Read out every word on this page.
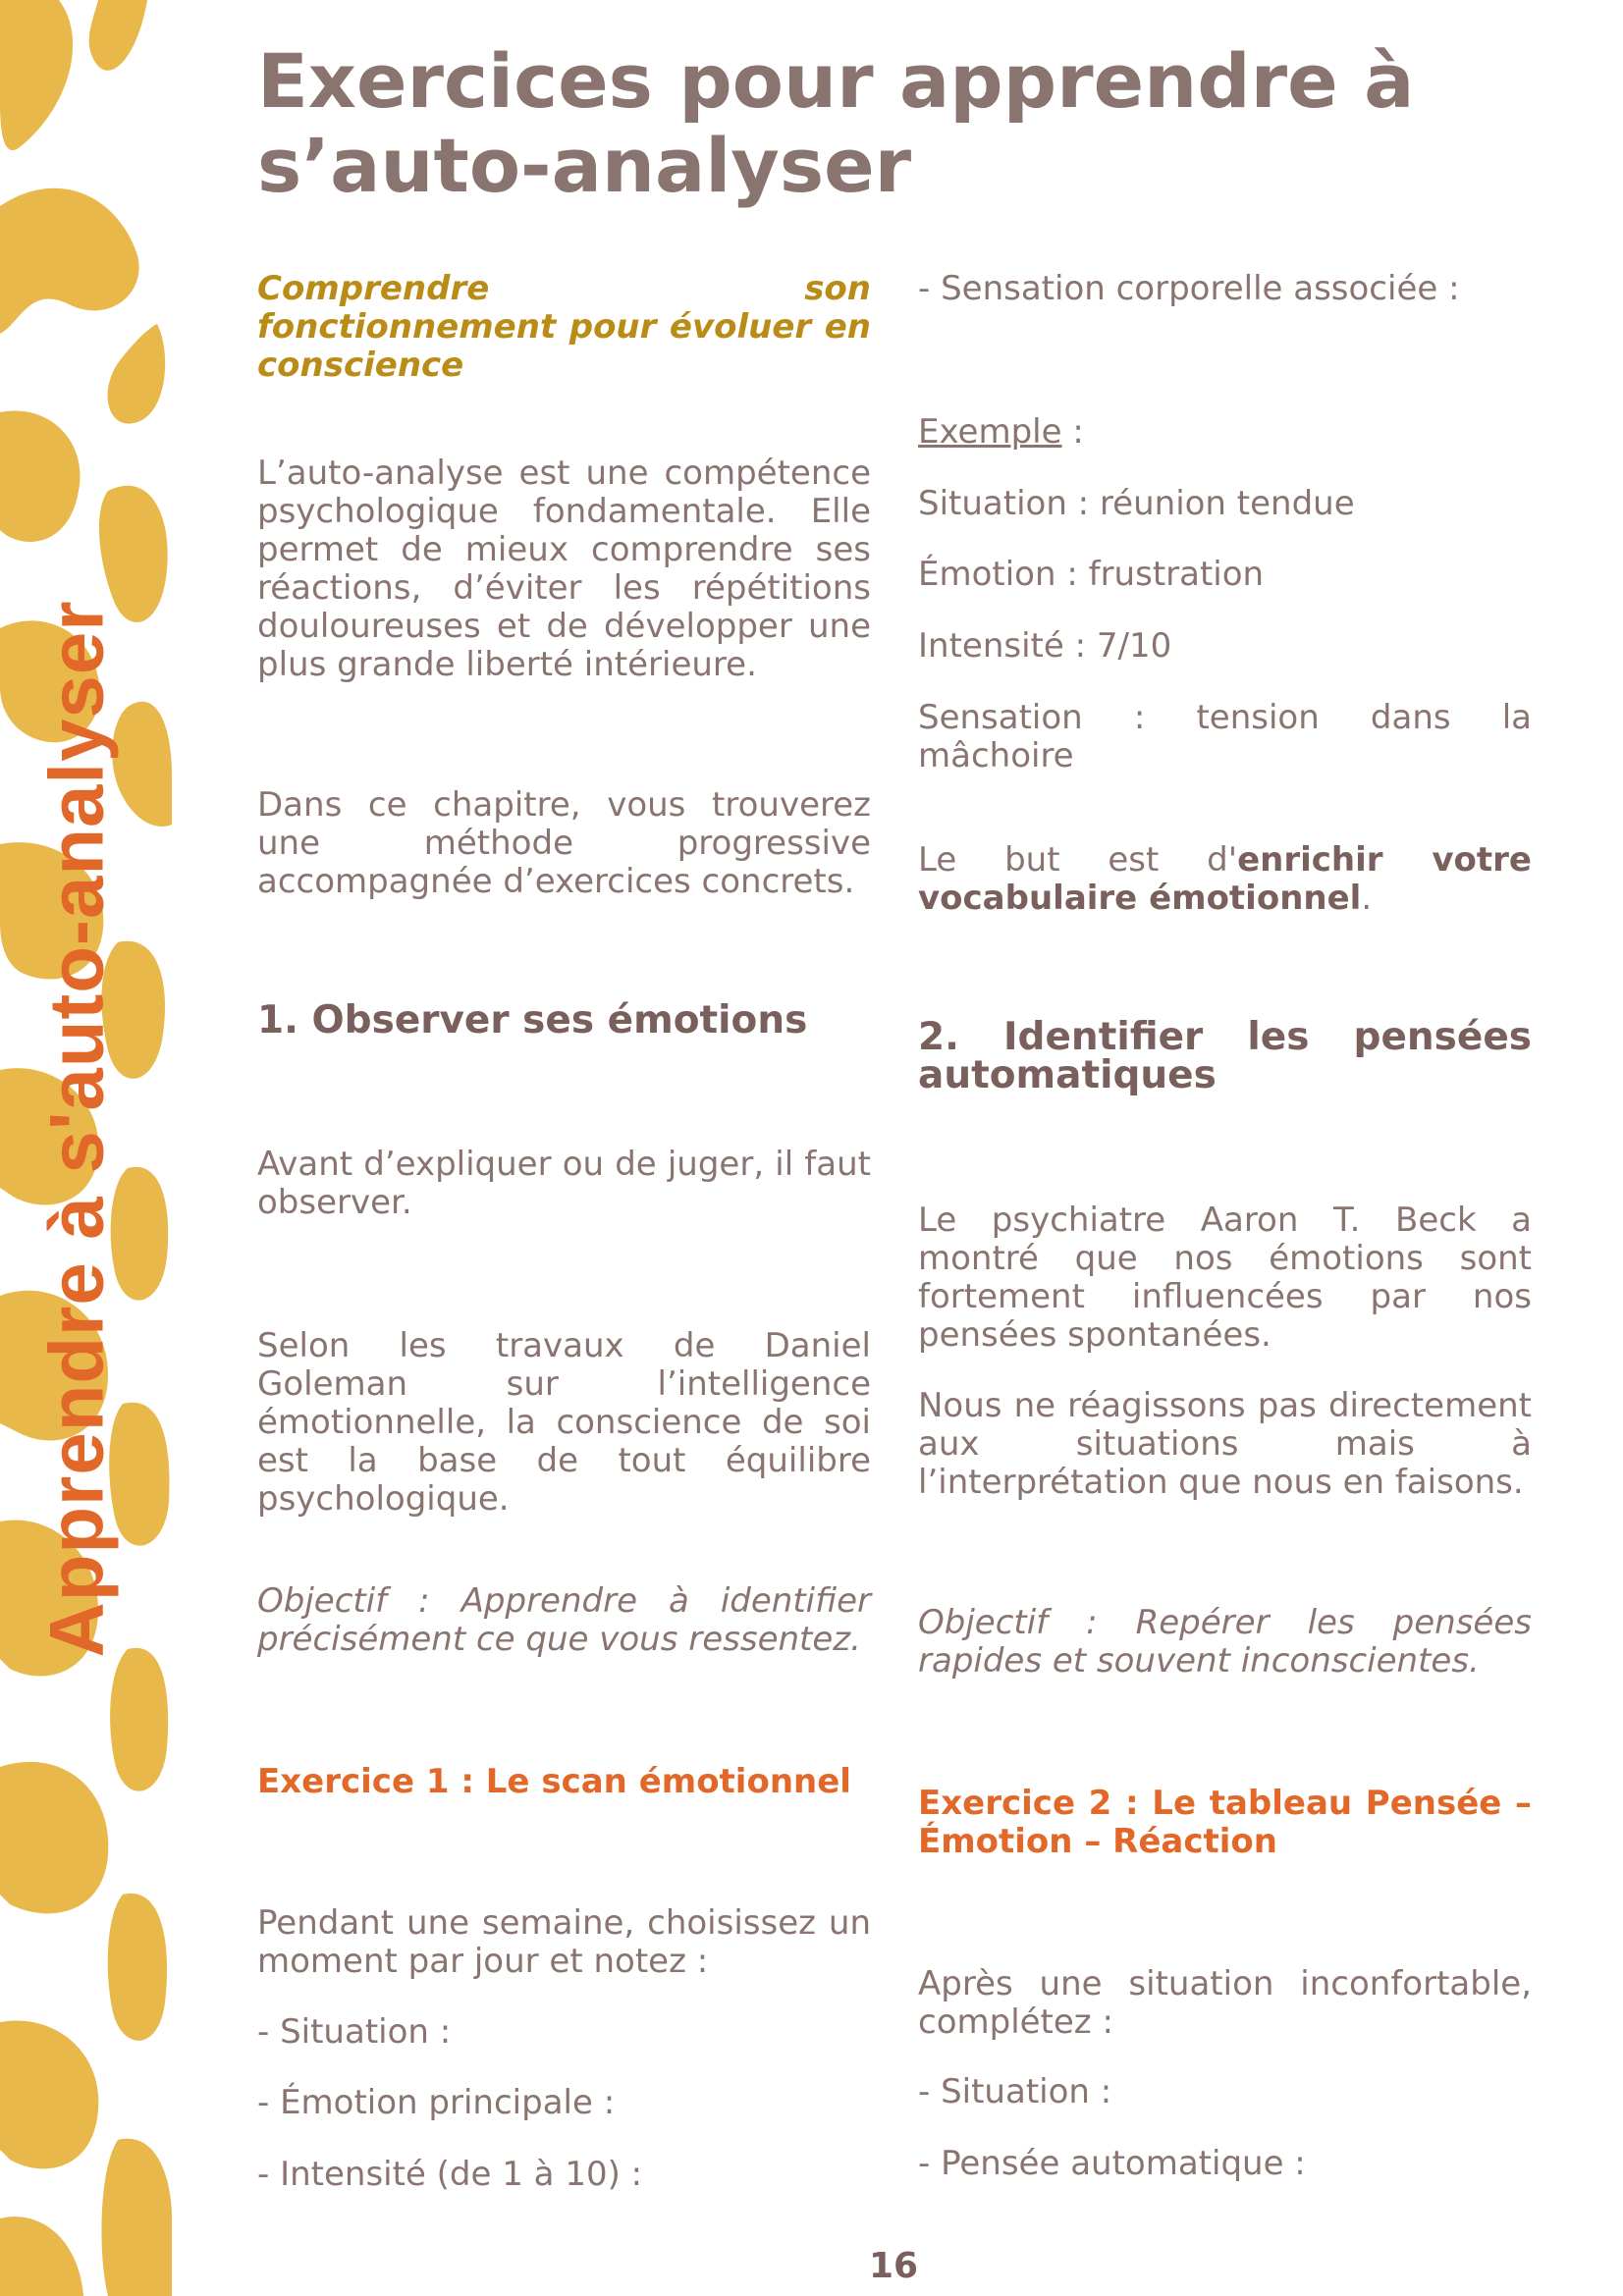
Apprendre à s'auto-analyser
Exercices pour apprendre à s’auto-analyser

Comprendre son fonctionnement pour évoluer en conscience

L’auto-analyse est une compétence psychologique fondamentale. Elle permet de mieux comprendre ses réactions, d’éviter les répétitions douloureuses et de développer une plus grande liberté intérieure.

Dans ce chapitre, vous trouverez une méthode progressive accompagnée d’exercices concrets.

1. Observer ses émotions

Avant d’expliquer ou de juger, il faut observer.

Selon les travaux de Daniel Goleman sur l’intelligence émotionnelle, la conscience de soi est la base de tout équilibre psychologique.

Objectif : Apprendre à identifier précisément ce que vous ressentez.

Exercice 1 : Le scan émotionnel

Pendant une semaine, choisissez un moment par jour et notez :

- Situation :

- Émotion principale :

- Intensité (de 1 à 10) :

- Sensation corporelle associée :

Exemple :

Situation : réunion tendue

Émotion : frustration

Intensité : 7/10

Sensation : tension dans la mâchoire

Le but est d'enrichir votre vocabulaire émotionnel.

2. Identifier les pensées automatiques

Le psychiatre Aaron T. Beck a montré que nos émotions sont fortement influencées par nos pensées spontanées.

Nous ne réagissons pas directement aux situations mais à l’interprétation que nous en faisons.

Objectif : Repérer les pensées rapides et souvent inconscientes.

Exercice 2 : Le tableau Pensée – Émotion – Réaction

Après une situation inconfortable, complétez :

- Situation :

- Pensée automatique :

16
